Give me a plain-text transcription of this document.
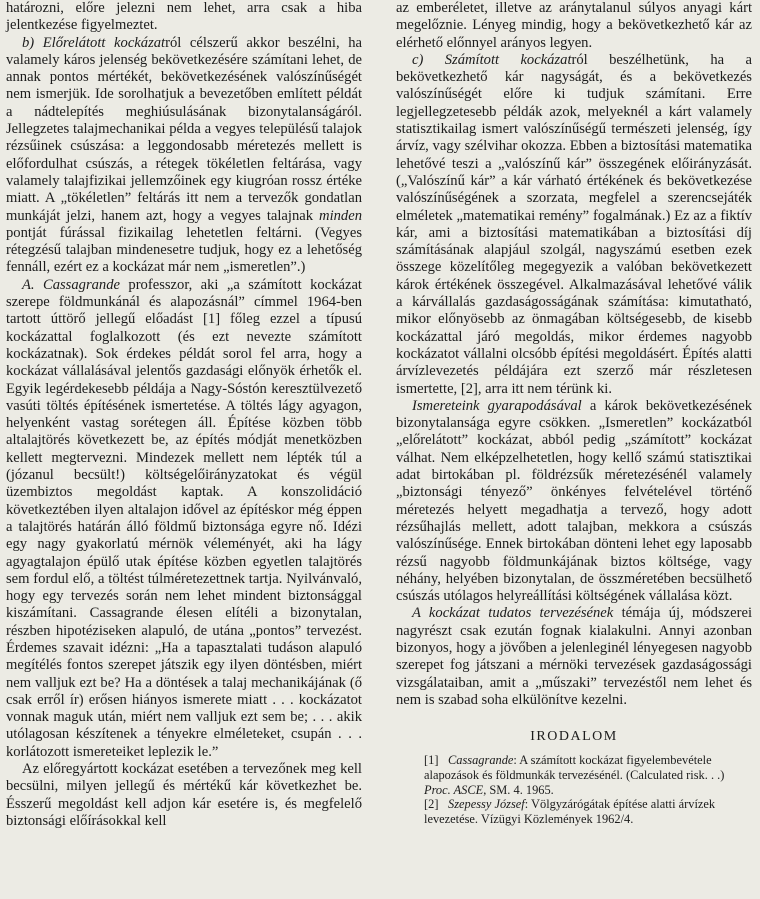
határozni, előre jelezni nem lehet, arra csak a hiba jelentkezése figyelmeztet.

b) Előrelátott kockázatról célszerű akkor beszélni, ha valamely káros jelenség bekövetkezésére számítani lehet, de annak pontos mértékét, bekövetkezésének valószínűségét nem ismerjük. Ide sorolhatjuk a bevezetőben említett példát a nádtelepítés meghiúsulásának bizonytalanságáról. Jellegzetes talajmechanikai példa a vegyes településű talajok rézsűinek csúszása: a leggondosabb méretezés mellett is előfordulhat csúszás, a rétegek tökéletlen feltárása, vagy valamely talajfizikai jellemzőinek egy kiugróan rossz értéke miatt. A „tökéletlen” feltárás itt nem a tervezők gondatlan munkáját jelzi, hanem azt, hogy a vegyes talajnak minden pontját fúrással fizikailag lehetetlen feltárni. (Vegyes rétegzésű talajban mindenesetre tudjuk, hogy ez a lehetőség fennáll, ezért ez a kockázat már nem „ismeretlen”.)

A. Cassagrande professzor, aki „a számított kockázat szerepe földmunkánál és alapozásnál” címmel 1964-ben tartott úttörő jellegű előadást [1] főleg ezzel a típusú kockázattal foglalkozott (és ezt nevezte számított kockázatnak). Sok érdekes példát sorol fel arra, hogy a kockázat vállalásával jelentős gazdasági előnyök érhetők el. Egyik legérdekesebb példája a Nagy-Sóstón keresztülvezető vasúti töltés építésének ismertetése. A töltés lágy agyagon, helyenként vastag sorétegen áll. Építése közben több altalajtörés következett be, az építés módját menetközben kellett megtervezni. Mindezek mellett nem lépték túl a (józanul becsült!) költségelőirányzatokat és végül üzembiztos megoldást kaptak. A konszolidáció következtében ilyen altalajon idővel az építéskor még éppen a talajtörés határán álló földmű biztonsága egyre nő. Idézi egy nagy gyakorlatú mérnök véleményét, aki ha lágy agyagtalajon épülő utak építése közben egyetlen talajtörés sem fordul elő, a töltést túlméretezettnek tartja. Nyilvánvaló, hogy egy tervezés során nem lehet mindent biztonsággal kiszámítani. Cassagrande élesen elítéli a bizonytalan, részben hipotéziseken alapuló, de utána „pontos” tervezést. Érdemes szavait idézni: „Ha a tapasztalati tudáson alapuló megítélés fontos szerepet játszik egy ilyen döntésben, miért nem valljuk ezt be? Ha a döntések a talaj mechanikájának (ő csak erről ír) erősen hiányos ismerete miatt . . . kockázatot vonnak maguk után, miért nem valljuk ezt sem be; . . . akik utólagosan készítenek a tényekre elméleteket, csupán . . . korlátozott ismereteiket leplezik le.”

Az előregyártott kockázat esetében a tervezőnek meg kell becsülni, milyen jellegű és mértékű kár következhet be. Ésszerű megoldást kell adjon kár esetére is, és megfelelő biztonsági előírásokkal kell

az emberéletet, illetve az aránytalanul súlyos anyagi kárt megelőznie. Lényeg mindig, hogy a bekövetkezhető kár az elérhető előnnyel arányos legyen.

c) Számított kockázatról beszélhetünk, ha a bekövetkezhető kár nagyságát, és a bekövetkezés valószínűségét előre ki tudjuk számítani. Erre legjellegzetesebb példák azok, melyeknél a kárt valamely statisztikailag ismert valószínűségű természeti jelenség, így árvíz, vagy szélvihar okozza. Ebben a biztosítási matematika lehetővé teszi a „valószínű kár” összegének előirányzását. („Valószínű kár” a kár várható értékének és bekövetkezése valószínűségének a szorzata, megfelel a szerencsejáték elméletek „matematikai remény” fogalmának.) Ez az a fiktív kár, ami a biztosítási matematikában a biztosítási díj számításának alapjául szolgál, nagyszámú esetben ezek összege közelítőleg megegyezik a valóban bekövetkezett károk értékének összegével. Alkalmazásával lehetővé válik a kárvállalás gazdaságosságának számítása: kimutatható, mikor előnyösebb az önmagában költségesebb, de kisebb kockázattal járó megoldás, mikor érdemes nagyobb kockázatot vállalni olcsóbb építési megoldásért. Építés alatti árvízlevezetés példájára ezt szerző már részletesen ismertette, [2], arra itt nem térünk ki.

Ismereteink gyarapodásával a károk bekövetkezésének bizonytalansága egyre csökken. „Ismeretlen” kockázatból „előrelátott” kockázat, abból pedig „számított” kockázat válhat. Nem elképzelhetetlen, hogy kellő számú statisztikai adat birtokában pl. földrézsűk méretezésénél valamely „biztonsági tényező” önkényes felvételével történő méretezés helyett megadhatja a tervező, hogy adott rézsűhajlás mellett, adott talajban, mekkora a csúszás valószínűsége. Ennek birtokában dönteni lehet egy laposabb rézsű nagyobb földmunkájának biztos költsége, vagy néhány, helyében bizonytalan, de összméretében becsülhető csúszás utólagos helyreállítási költségének vállalása közt.

A kockázat tudatos tervezésének témája új, módszerei nagyrészt csak ezután fognak kialakulni. Annyi azonban bizonyos, hogy a jövőben a jelenleginél lényegesen nagyobb szerepet fog játszani a mérnöki tervezések gazdaságossági vizsgálataiban, amit a „műszaki” tervezéstől nem lehet és nem is szabad soha elkülönítve kezelni.

IRODALOM

[1] Cassagrande: A számított kockázat figyelembevétele alapozások és földmunkák tervezésénél. (Calculated risk. . .) Proc. ASCE, SM. 4. 1965.

[2] Szepessy József: Völgyzárógátak építése alatti árvízek levezetése. Vízügyi Közlemények 1962/4.
